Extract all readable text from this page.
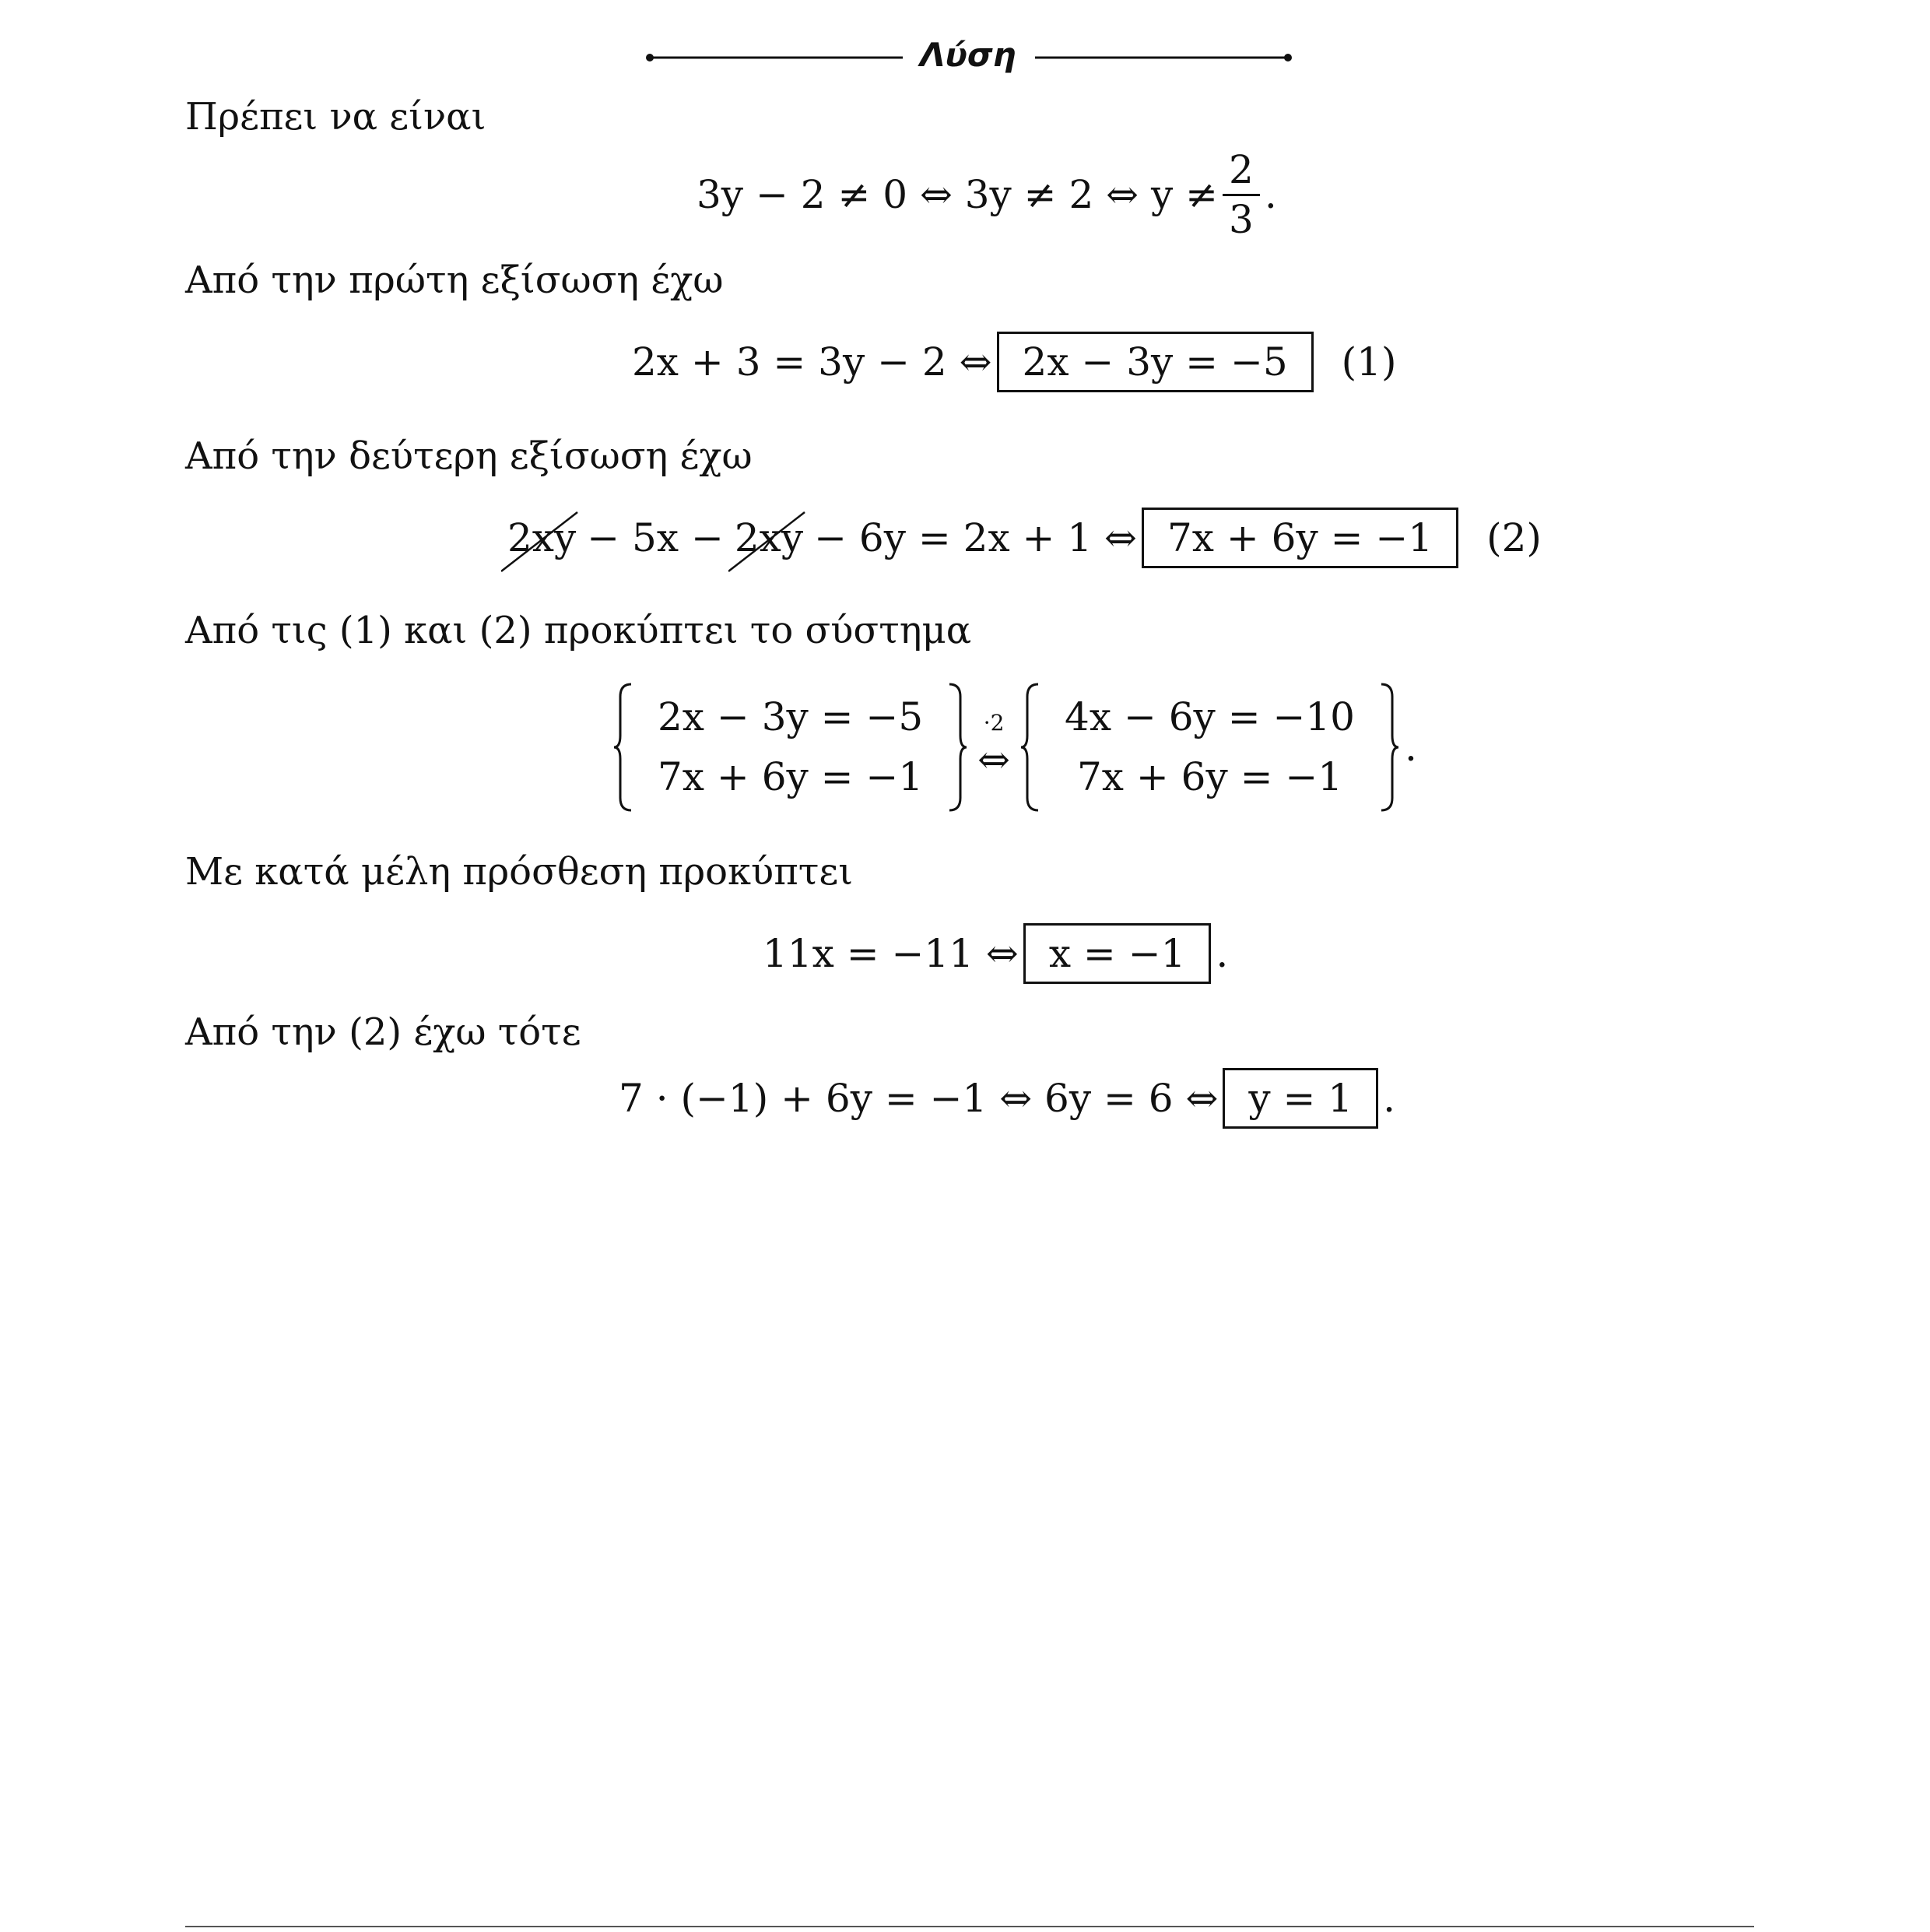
Λύση
Πρέπει να είναι
3y − 2 ≠ 0 ⇔ 3y ≠ 2 ⇔ $y \ne \frac{2}{3}$ .
Από την πρώτη εξίσωση έχω
2x + 3 = 3y − 2 ⇔ 2x − 3y = −5	(1)
Από την δεύτερη εξίσωση έχω
2xy − 5x − 2xy − 6y = 2x + 1 ⇔ 7x + 6y = −1	(2)
Από τις (1) και (2) προκύπτει το σύστημα
2x − 3y = −5
7x + 6y = −1
·2
⇔
4x − 6y = −10
7x + 6y = −1
.
Με κατά μέλη πρόσθεση προκύπτει
11x = −11 ⇔ x = −1 .
Από την (2) έχω τότε
7 · (−1) + 6y = −1 ⇔ 6y = 6 ⇔ y = 1 .
